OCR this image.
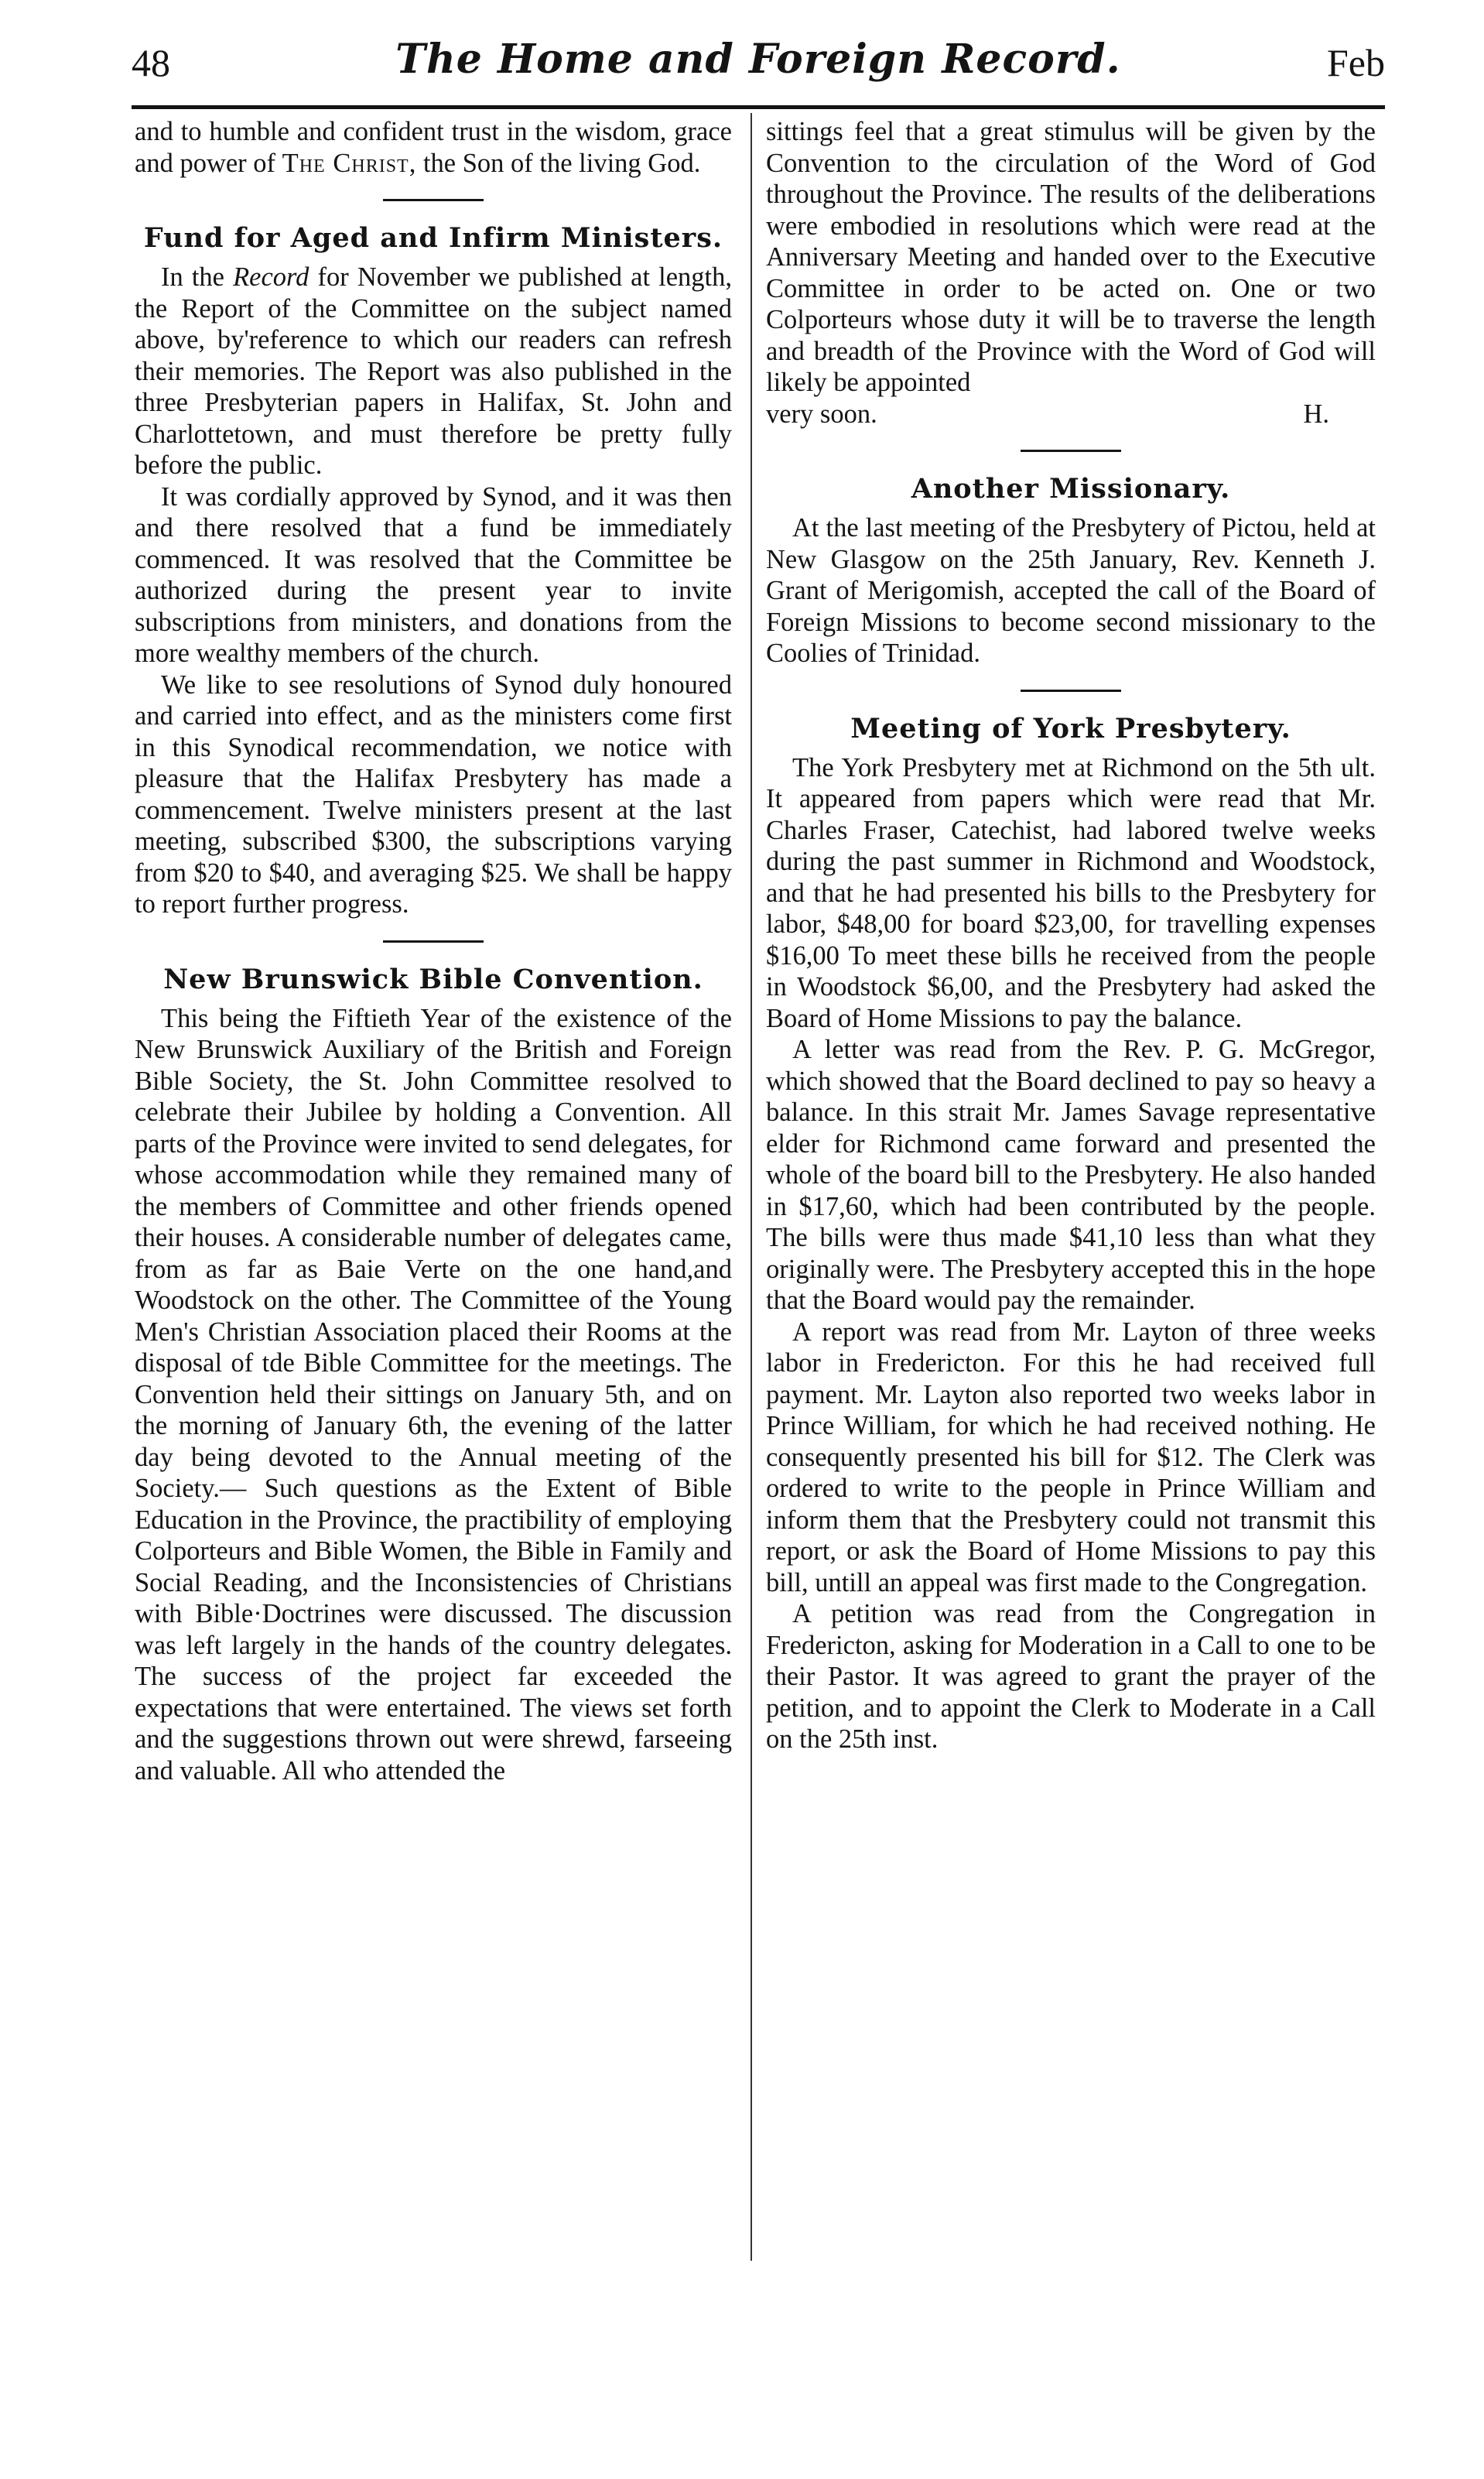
48	The Home and Foreign Record.	Feb

and to humble and confident trust in the wisdom, grace and power of The Christ, the Son of the living God.

Fund for Aged and Infirm Ministers.

In the Record for November we published at length, the Report of the Committee on the subject named above, by'reference to which our readers can refresh their memories. The Report was also published in the three Presbyterian papers in Halifax, St. John and Charlottetown, and must therefore be pretty fully before the public.

It was cordially approved by Synod, and it was then and there resolved that a fund be immediately commenced. It was resolved that the Committee be authorized during the present year to invite subscriptions from ministers, and donations from the more wealthy members of the church.

We like to see resolutions of Synod duly honoured and carried into effect, and as the ministers come first in this Synodical recommendation, we notice with pleasure that the Halifax Presbytery has made a commencement. Twelve ministers present at the last meeting, subscribed $300, the subscriptions varying from $20 to $40, and averaging $25. We shall be happy to report further progress.

New Brunswick Bible Convention.

This being the Fiftieth Year of the existence of the New Brunswick Auxiliary of the British and Foreign Bible Society, the St. John Committee resolved to celebrate their Jubilee by holding a Convention. All parts of the Province were invited to send delegates, for whose accommodation while they remained many of the members of Committee and other friends opened their houses. A considerable number of delegates came, from as far as Baie Verte on the one hand,and Woodstock on the other. The Committee of the Young Men's Christian Association placed their Rooms at the disposal of tde Bible Committee for the meetings. The Convention held their sittings on January 5th, and on the morning of January 6th, the evening of the latter day being devoted to the Annual meeting of the Society.— Such questions as the Extent of Bible Education in the Province, the practibility of employing Colporteurs and Bible Women, the Bible in Family and Social Reading, and the Inconsistencies of Christians with Bible·Doctrines were discussed. The discussion was left largely in the hands of the country delegates. The success of the project far exceeded the expectations that were entertained. The views set forth and the suggestions thrown out were shrewd, farseeing and valuable. All who attended the

sittings feel that a great stimulus will be given by the Convention to the circulation of the Word of God throughout the Province. The results of the deliberations were embodied in resolutions which were read at the Anniversary Meeting and handed over to the Executive Committee in order to be acted on. One or two Colporteurs whose duty it will be to traverse the length and breadth of the Province with the Word of God will likely be appointed

very soon.	H.

Another Missionary.

At the last meeting of the Presbytery of Pictou, held at New Glasgow on the 25th January, Rev. Kenneth J. Grant of Merigomish, accepted the call of the Board of Foreign Missions to become second missionary to the Coolies of Trinidad.

Meeting of York Presbytery.

The York Presbytery met at Richmond on the 5th ult. It appeared from papers which were read that Mr. Charles Fraser, Catechist, had labored twelve weeks during the past summer in Richmond and Woodstock, and that he had presented his bills to the Presbytery for labor, $48,00 for board $23,00, for travelling expenses $16,00 To meet these bills he received from the people in Woodstock $6,00, and the Presbytery had asked the Board of Home Missions to pay the balance.

A letter was read from the Rev. P. G. McGregor, which showed that the Board declined to pay so heavy a balance. In this strait Mr. James Savage representative elder for Richmond came forward and presented the whole of the board bill to the Presbytery. He also handed in $17,60, which had been contributed by the people. The bills were thus made $41,10 less than what they originally were. The Presbytery accepted this in the hope that the Board would pay the remainder.

A report was read from Mr. Layton of three weeks labor in Fredericton. For this he had received full payment. Mr. Layton also reported two weeks labor in Prince William, for which he had received nothing. He consequently presented his bill for $12. The Clerk was ordered to write to the people in Prince William and inform them that the Presbytery could not transmit this report, or ask the Board of Home Missions to pay this bill, untill an appeal was first made to the Congregation.

A petition was read from the Congregation in Fredericton, asking for Moderation in a Call to one to be their Pastor. It was agreed to grant the prayer of the petition, and to appoint the Clerk to Moderate in a Call on the 25th inst.
